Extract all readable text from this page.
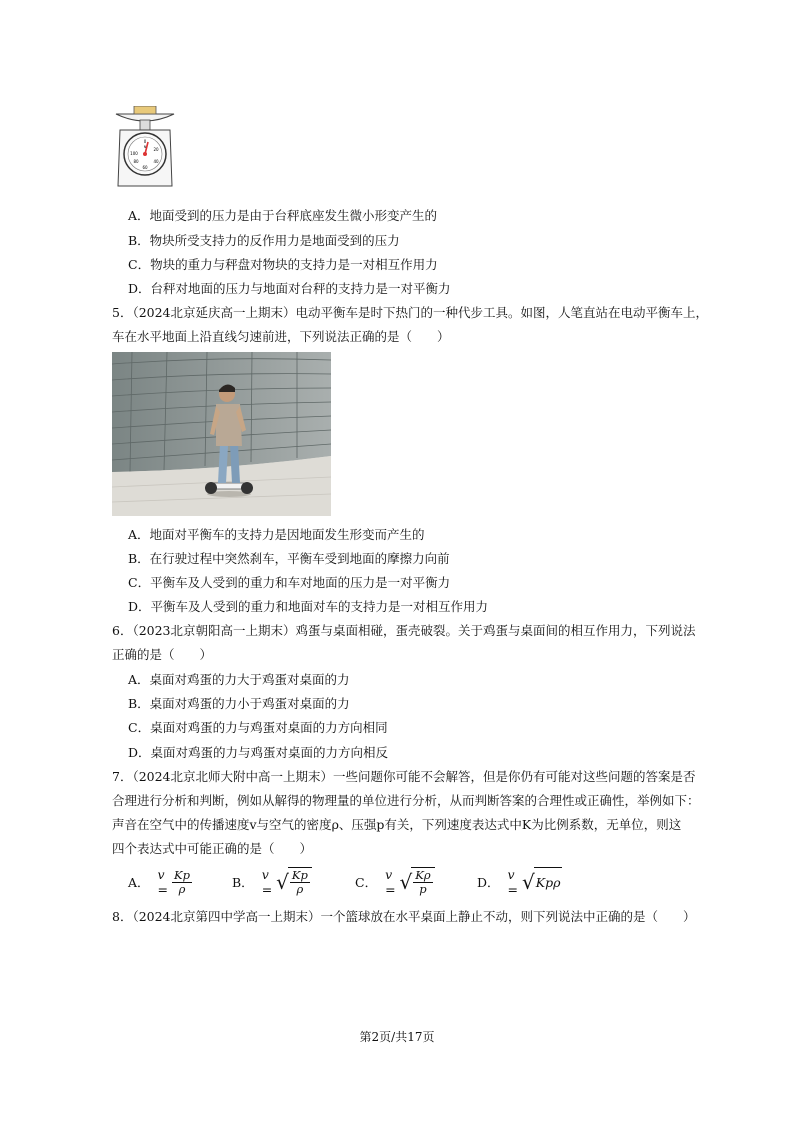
0
N
100
20
80	40
60
A．地面受到的压力是由于台秤底座发生微小形变产生的
B．物块所受支持力的反作用力是地面受到的压力
C．物块的重力与秤盘对物块的支持力是一对相互作用力
D．台秤对地面的压力与地面对台秤的支持力是一对平衡力
5．（2024北京延庆高一上期末）电动平衡车是时下热门的一种代步工具。如图，人笔直站在电动平衡车上，
车在水平地面上沿直线匀速前进，下列说法正确的是（　　）
A．地面对平衡车的支持力是因地面发生形变而产生的
B．在行驶过程中突然刹车，平衡车受到地面的摩擦力向前
C．平衡车及人受到的重力和车对地面的压力是一对平衡力
D．平衡车及人受到的重力和地面对车的支持力是一对相互作用力
6．（2023北京朝阳高一上期末）鸡蛋与桌面相碰，蛋壳破裂。关于鸡蛋与桌面间的相互作用力，下列说法
正确的是（　　）
A．桌面对鸡蛋的力大于鸡蛋对桌面的力
B．桌面对鸡蛋的力小于鸡蛋对桌面的力
C．桌面对鸡蛋的力与鸡蛋对桌面的力方向相同
D．桌面对鸡蛋的力与鸡蛋对桌面的力方向相反
7．（2024北京北师大附中高一上期末）一些问题你可能不会解答，但是你仍有可能对这些问题的答案是否
合理进行分析和判断，例如从解得的物理量的单位进行分析，从而判断答案的合理性或正确性，举例如下：
声音在空气中的传播速度v与空气的密度ρ、压强p有关，下列速度表达式中K为比例系数，无单位，则这
四个表达式中可能正确的是（　　）
A．
$v = \frac{Kp}{\rho}$	B．
v = √ $\frac{Kp}{\rho}$	C．
v = √ $\frac{K\rho}{p}$	D．
v = √ Kpρ
8．（2024北京第四中学高一上期末）一个篮球放在水平桌面上静止不动，则下列说法中正确的是（　　）
第2页/共17页
